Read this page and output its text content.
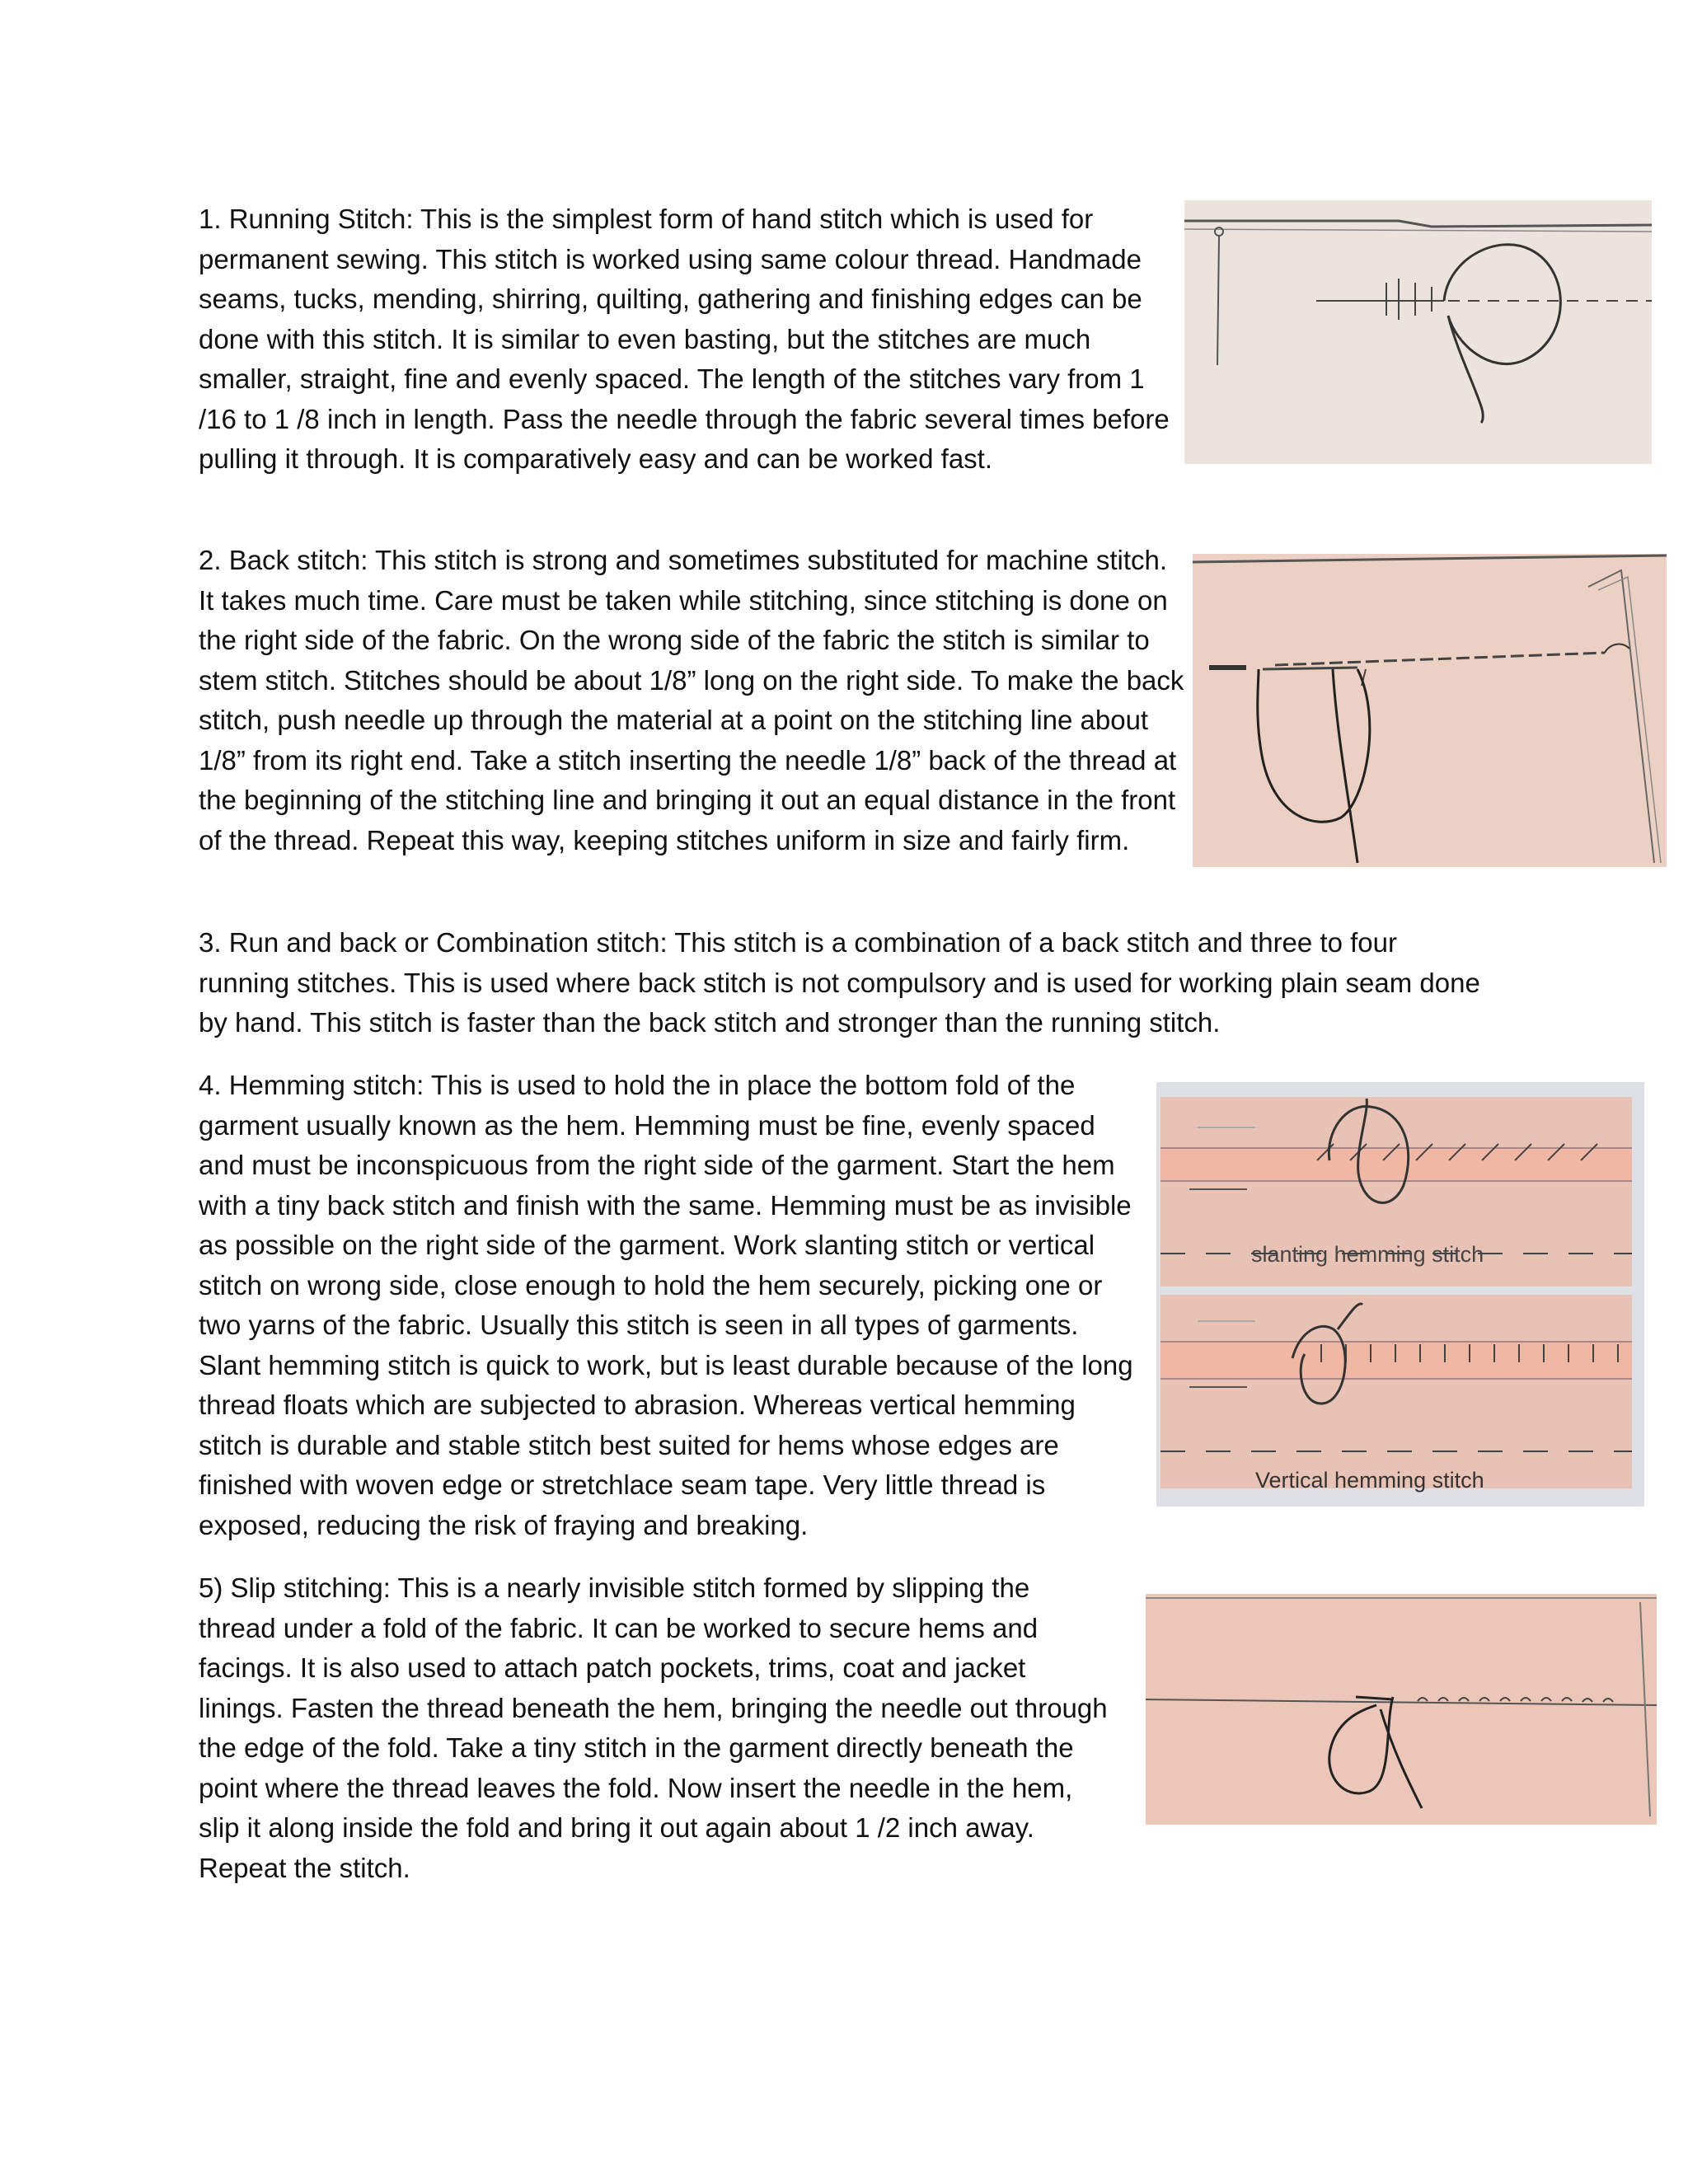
1. Running Stitch: This is the simplest form of hand stitch which is used for permanent sewing. This stitch is worked using same colour thread. Handmade seams, tucks, mending, shirring, quilting, gathering and finishing edges can be done with this stitch. It is similar to even basting, but the stitches are much smaller, straight, fine and evenly spaced. The length of the stitches vary from 1 /16 to 1 /8 inch in length. Pass the needle through the fabric several times before pulling it through. It is comparatively easy and can be worked fast.

2. Back stitch: This stitch is strong and sometimes substituted for machine stitch. It takes much time. Care must be taken while stitching, since stitching is done on the right side of the fabric. On the wrong side of the fabric the stitch is similar to stem stitch. Stitches should be about 1/8” long on the right side. To make the back stitch, push needle up through the material at a point on the stitching line about 1/8” from its right end. Take a stitch inserting the needle 1/8” back of the thread at the beginning of the stitching line and bringing it out an equal distance in the front of the thread. Repeat this way, keeping stitches uniform in size and fairly firm.

3. Run and back or Combination stitch: This stitch is a combination of a back stitch and three to four running stitches. This is used where back stitch is not compulsory and is used for working plain seam done by hand. This stitch is faster than the back stitch and stronger than the running stitch.

4. Hemming stitch: This is used to hold the in place the bottom fold of the garment usually known as the hem. Hemming must be fine, evenly spaced and must be inconspicuous from the right side of the garment. Start the hem with a tiny back stitch and finish with the same. Hemming must be as invisible as possible on the right side of the garment. Work slanting stitch or vertical stitch on wrong side, close enough to hold the hem securely, picking one or two yarns of the fabric. Usually this stitch is seen in all types of garments. Slant hemming stitch is quick to work, but is least durable because of the long thread floats which are subjected to abrasion. Whereas vertical hemming stitch is durable and stable stitch best suited for hems whose edges are finished with woven edge or stretchlace seam tape. Very little thread is exposed, reducing the risk of fraying and breaking.

5) Slip stitching: This is a nearly invisible stitch formed by slipping the thread under a fold of the fabric. It can be worked to secure hems and facings. It is also used to attach patch pockets, trims, coat and jacket linings. Fasten the thread beneath the hem, bringing the needle out through the edge of the fold. Take a tiny stitch in the garment directly beneath the point where the thread leaves the fold. Now insert the needle in the hem, slip it along inside the fold and bring it out again about 1 /2 inch away. Repeat the stitch.

slanting hemming stitch
Vertical hemming stitch
